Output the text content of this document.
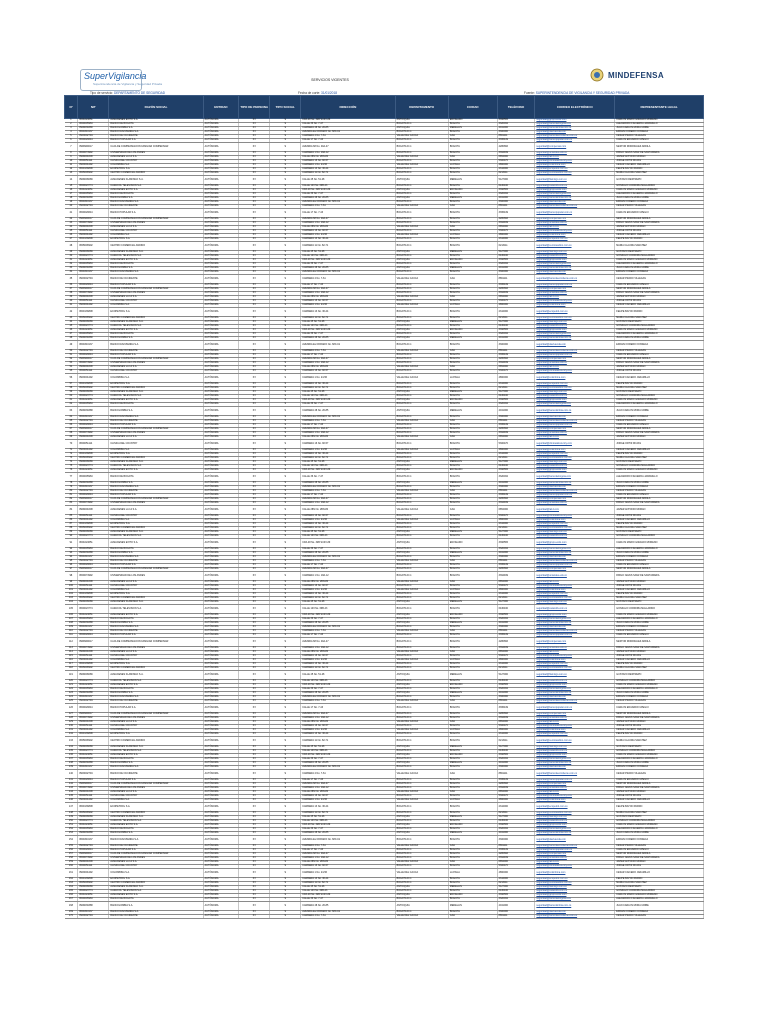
SuperVigilancia
Superintendencia de Vigilancia y Seguridad Privada
SERVICIOS VIGENTES	MINDEFENSA
Tipo de servicio: DEPARTAMENTO DE SEGURIDAD	Fecha de corte: 31/01/2018	Fuente: SUPERINTENDENCIA DE VIGILANCIA Y SEGURIDAD PRIVADA
N°	NIT	RAZÓN SOCIAL	ENTIDAD	TIPO DE PERSONA	TIPO SOCIAL	DIRECCIÓN	DEPARTAMENTO	CIUDAD	TELÉFONO	CORREO ELECTRÓNICO	REPRESENTANTE LEGAL
1	8001024651	ALMACENES EXITO S.A.	AUTÓNOMA	PJ	S	CRA 48 No. 32B SUR 139	ANTIOQUIA	ENVIGADO	3396565	seguridad@grupo-exito.com	CARLOS MARIO GIRALDO MORENO
2	8600005963	BANCO DE BOGOTA	AUTÓNOMA	PJ	S	CALLE 36 No. 7-47	BOGOTA D.C.	BOGOTA	3320032	seguridad@bancodebogota.com	ALEJANDRO FIGUEROA JARAMILLO
3	8909039388	BANCOLOMBIA S.A.	AUTÓNOMA	PJ	S	CARRERA 48 No. 26-85	ANTIOQUIA	MEDELLIN	4041000	seguridad@bancolombia.com.co	JUAN CARLOS MORA URIBE
4	8600343137	BANCO DAVIVIENDA S.A.	AUTÓNOMA	PJ	S	AVENIDA EL DORADO No. 68C-61	BOGOTA D.C.	BOGOTA	3300000	seguridad@davivienda.com	EFRAIN FORERO FONSECA
5	8903002794	BANCO DE OCCIDENTE	AUTÓNOMA	PJ	S	CARRERA 4 No. 7-61	VALLE DEL CAUCA	CALI	8861111	seguridad@bancodeoccidente.com.co	CESAR PRADO VILLEGAS
6	8600029644	BANCO POPULAR S.A.	AUTÓNOMA	PJ	S	CALLE 17 No. 7-43	BOGOTA D.C.	BOGOTA	3395449	seguridad@bancopopular.com.co	CARLOS EDUARDO UPEGUI
7	8999990017	CAJA DE COMPENSACION FAMILIAR COMPENSAR	AUTÓNOMA	PJ	S	AVENIDA 68 No. 49A-47	BOGOTA D.C.	BOGOTA	4280666	seguridad@compensar.com	NESTOR RODRIGUEZ ARDILA
8	8600074992	UNIVERSIDAD DE LOS ANDES	AUTÓNOMA	PJ	S	CARRERA 1 No. 18A-12	BOGOTA D.C.	BOGOTA	3394949	seguridad@uniandes.edu.co	PABLO NAVAS SANZ DE SANTAMARIA
9	8909001608	ALMACENES LA 14 S.A.	AUTÓNOMA	PJ	S	CALLE 28N No. 2BN-80	VALLE DEL CAUCA	CALI	6854000	seguridad@la14.com	JAVIER ANTONIO MORAN
10	8600051114	CLINICA DEL COUNTRY	AUTÓNOMA	PJ	S	CARRERA 16 No. 82-57	BOGOTA D.C.	BOGOTA	5300470	seguridad@clinicadelcountry.com	JORGE ORTIZ ROJAS
11	8903001292	COLOMBINA S.A.	AUTÓNOMA	PJ	S	CARRERA 1 No. 24-56	VALLE DEL CAUCA	LA PAILA	4860000	seguridad@colombina.com	CESAR CAICEDO JARAMILLO
12	8600136808	ECOPETROL S.A.	AUTÓNOMA	PJ	S	CARRERA 13 No. 36-24	BOGOTA D.C.	BOGOTA	2344000	seguridad@ecopetrol.com.co	FELIPE BAYON PARDO
13	8605006902	CENTRO COMERCIAL ANDINO	AUTÓNOMA	PJ	S	CARRERA 11 No. 82-71	BOGOTA D.C.	BOGOTA	6213111	seguridad@centroandino.com.co	MARIA CLAUDIA SANCHEZ
14	8909006089	ALMACENES FLAMINGO S.A.	AUTÓNOMA	PJ	S	CALLE 45 No. 51-28	ANTIOQUIA	MEDELLIN	5127000	seguridad@flamingo.com.co	GUSTAVO RESTREPO
15	8600023774	CARACOL TELEVISION S.A.	AUTÓNOMA	PJ	S	CALLE 103 No. 69B-43	BOGOTA D.C.	BOGOTA	6430430	seguridad@caracoltv.com.co	GONZALO CORDOBA MALLARINO
16	8001024651	ALMACENES EXITO S.A.	AUTÓNOMA	PJ	S	CRA 48 No. 32B SUR 139	ANTIOQUIA	ENVIGADO	3396565	seguridad@grupo-exito.com	CARLOS MARIO GIRALDO MORENO
17	8600005963	BANCO DE BOGOTA	AUTÓNOMA	PJ	S	CALLE 36 No. 7-47	BOGOTA D.C.	BOGOTA	3320032	seguridad@bancodebogota.com	ALEJANDRO FIGUEROA JARAMILLO
18	8909039388	BANCOLOMBIA S.A.	AUTÓNOMA	PJ	S	CARRERA 48 No. 26-85	ANTIOQUIA	MEDELLIN	4041000	seguridad@bancolombia.com.co	JUAN CARLOS MORA URIBE
19	8600343137	BANCO DAVIVIENDA S.A.	AUTÓNOMA	PJ	S	AVENIDA EL DORADO No. 68C-61	BOGOTA D.C.	BOGOTA	3300000	seguridad@davivienda.com	EFRAIN FORERO FONSECA
20	8903002794	BANCO DE OCCIDENTE	AUTÓNOMA	PJ	S	CARRERA 4 No. 7-61	VALLE DEL CAUCA	CALI	8861111	seguridad@bancodeoccidente.com.co	CESAR PRADO VILLEGAS
21	8600029644	BANCO POPULAR S.A.	AUTÓNOMA	PJ	S	CALLE 17 No. 7-43	BOGOTA D.C.	BOGOTA	3395449	seguridad@bancopopular.com.co	CARLOS EDUARDO UPEGUI
22	8999990017	CAJA DE COMPENSACION FAMILIAR COMPENSAR	AUTÓNOMA	PJ	S	AVENIDA 68 No. 49A-47	BOGOTA D.C.	BOGOTA	4280666	seguridad@compensar.com	NESTOR RODRIGUEZ ARDILA
23	8600074992	UNIVERSIDAD DE LOS ANDES	AUTÓNOMA	PJ	S	CARRERA 1 No. 18A-12	BOGOTA D.C.	BOGOTA	3394949	seguridad@uniandes.edu.co	PABLO NAVAS SANZ DE SANTAMARIA
24	8909001608	ALMACENES LA 14 S.A.	AUTÓNOMA	PJ	S	CALLE 28N No. 2BN-80	VALLE DEL CAUCA	CALI	6854000	seguridad@la14.com	JAVIER ANTONIO MORAN
25	8600051114	CLINICA DEL COUNTRY	AUTÓNOMA	PJ	S	CARRERA 16 No. 82-57	BOGOTA D.C.	BOGOTA	5300470	seguridad@clinicadelcountry.com	JORGE ORTIZ ROJAS
26	8903001292	COLOMBINA S.A.	AUTÓNOMA	PJ	S	CARRERA 1 No. 24-56	VALLE DEL CAUCA	LA PAILA	4860000	seguridad@colombina.com	CESAR CAICEDO JARAMILLO
27	8600136808	ECOPETROL S.A.	AUTÓNOMA	PJ	S	CARRERA 13 No. 36-24	BOGOTA D.C.	BOGOTA	2344000	seguridad@ecopetrol.com.co	FELIPE BAYON PARDO
28	8605006902	CENTRO COMERCIAL ANDINO	AUTÓNOMA	PJ	S	CARRERA 11 No. 82-71	BOGOTA D.C.	BOGOTA	6213111	seguridad@centroandino.com.co	MARIA CLAUDIA SANCHEZ
29	8909006089	ALMACENES FLAMINGO S.A.	AUTÓNOMA	PJ	S	CALLE 45 No. 51-28	ANTIOQUIA	MEDELLIN	5127000	seguridad@flamingo.com.co	GUSTAVO RESTREPO
30	8600023774	CARACOL TELEVISION S.A.	AUTÓNOMA	PJ	S	CALLE 103 No. 69B-43	BOGOTA D.C.	BOGOTA	6430430	seguridad@caracoltv.com.co	GONZALO CORDOBA MALLARINO
31	8001024651	ALMACENES EXITO S.A.	AUTÓNOMA	PJ	S	CRA 48 No. 32B SUR 139	ANTIOQUIA	ENVIGADO	3396565	seguridad@grupo-exito.com	CARLOS MARIO GIRALDO MORENO
32	8600005963	BANCO DE BOGOTA	AUTÓNOMA	PJ	S	CALLE 36 No. 7-47	BOGOTA D.C.	BOGOTA	3320032	seguridad@bancodebogota.com	ALEJANDRO FIGUEROA JARAMILLO
33	8909039388	BANCOLOMBIA S.A.	AUTÓNOMA	PJ	S	CARRERA 48 No. 26-85	ANTIOQUIA	MEDELLIN	4041000	seguridad@bancolombia.com.co	JUAN CARLOS MORA URIBE
34	8600343137	BANCO DAVIVIENDA S.A.	AUTÓNOMA	PJ	S	AVENIDA EL DORADO No. 68C-61	BOGOTA D.C.	BOGOTA	3300000	seguridad@davivienda.com	EFRAIN FORERO FONSECA
35	8903002794	BANCO DE OCCIDENTE	AUTÓNOMA	PJ	S	CARRERA 4 No. 7-61	VALLE DEL CAUCA	CALI	8861111	seguridad@bancodeoccidente.com.co	CESAR PRADO VILLEGAS
36	8600029644	BANCO POPULAR S.A.	AUTÓNOMA	PJ	S	CALLE 17 No. 7-43	BOGOTA D.C.	BOGOTA	3395449	seguridad@bancopopular.com.co	CARLOS EDUARDO UPEGUI
37	8999990017	CAJA DE COMPENSACION FAMILIAR COMPENSAR	AUTÓNOMA	PJ	S	AVENIDA 68 No. 49A-47	BOGOTA D.C.	BOGOTA	4280666	seguridad@compensar.com	NESTOR RODRIGUEZ ARDILA
38	8600074992	UNIVERSIDAD DE LOS ANDES	AUTÓNOMA	PJ	S	CARRERA 1 No. 18A-12	BOGOTA D.C.	BOGOTA	3394949	seguridad@uniandes.edu.co	PABLO NAVAS SANZ DE SANTAMARIA
39	8909001608	ALMACENES LA 14 S.A.	AUTÓNOMA	PJ	S	CALLE 28N No. 2BN-80	VALLE DEL CAUCA	CALI	6854000	seguridad@la14.com	JAVIER ANTONIO MORAN
40	8600051114	CLINICA DEL COUNTRY	AUTÓNOMA	PJ	S	CARRERA 16 No. 82-57	BOGOTA D.C.	BOGOTA	5300470	seguridad@clinicadelcountry.com	JORGE ORTIZ ROJAS
41	8903001292	COLOMBINA S.A.	AUTÓNOMA	PJ	S	CARRERA 1 No. 24-56	VALLE DEL CAUCA	LA PAILA	4860000	seguridad@colombina.com	CESAR CAICEDO JARAMILLO
42	8600136808	ECOPETROL S.A.	AUTÓNOMA	PJ	S	CARRERA 13 No. 36-24	BOGOTA D.C.	BOGOTA	2344000	seguridad@ecopetrol.com.co	FELIPE BAYON PARDO
43	8605006902	CENTRO COMERCIAL ANDINO	AUTÓNOMA	PJ	S	CARRERA 11 No. 82-71	BOGOTA D.C.	BOGOTA	6213111	seguridad@centroandino.com.co	MARIA CLAUDIA SANCHEZ
44	8909006089	ALMACENES FLAMINGO S.A.	AUTÓNOMA	PJ	S	CALLE 45 No. 51-28	ANTIOQUIA	MEDELLIN	5127000	seguridad@flamingo.com.co	GUSTAVO RESTREPO
45	8600023774	CARACOL TELEVISION S.A.	AUTÓNOMA	PJ	S	CALLE 103 No. 69B-43	BOGOTA D.C.	BOGOTA	6430430	seguridad@caracoltv.com.co	GONZALO CORDOBA MALLARINO
46	8001024651	ALMACENES EXITO S.A.	AUTÓNOMA	PJ	S	CRA 48 No. 32B SUR 139	ANTIOQUIA	ENVIGADO	3396565	seguridad@grupo-exito.com	CARLOS MARIO GIRALDO MORENO
47	8600005963	BANCO DE BOGOTA	AUTÓNOMA	PJ	S	CALLE 36 No. 7-47	BOGOTA D.C.	BOGOTA	3320032	seguridad@bancodebogota.com	ALEJANDRO FIGUEROA JARAMILLO
48	8909039388	BANCOLOMBIA S.A.	AUTÓNOMA	PJ	S	CARRERA 48 No. 26-85	ANTIOQUIA	MEDELLIN	4041000	seguridad@bancolombia.com.co	JUAN CARLOS MORA URIBE
49	8600343137	BANCO DAVIVIENDA S.A.	AUTÓNOMA	PJ	S	AVENIDA EL DORADO No. 68C-61	BOGOTA D.C.	BOGOTA	3300000	seguridad@davivienda.com	EFRAIN FORERO FONSECA
50	8903002794	BANCO DE OCCIDENTE	AUTÓNOMA	PJ	S	CARRERA 4 No. 7-61	VALLE DEL CAUCA	CALI	8861111	seguridad@bancodeoccidente.com.co	CESAR PRADO VILLEGAS
51	8600029644	BANCO POPULAR S.A.	AUTÓNOMA	PJ	S	CALLE 17 No. 7-43	BOGOTA D.C.	BOGOTA	3395449	seguridad@bancopopular.com.co	CARLOS EDUARDO UPEGUI
52	8999990017	CAJA DE COMPENSACION FAMILIAR COMPENSAR	AUTÓNOMA	PJ	S	AVENIDA 68 No. 49A-47	BOGOTA D.C.	BOGOTA	4280666	seguridad@compensar.com	NESTOR RODRIGUEZ ARDILA
53	8600074992	UNIVERSIDAD DE LOS ANDES	AUTÓNOMA	PJ	S	CARRERA 1 No. 18A-12	BOGOTA D.C.	BOGOTA	3394949	seguridad@uniandes.edu.co	PABLO NAVAS SANZ DE SANTAMARIA
54	8909001608	ALMACENES LA 14 S.A.	AUTÓNOMA	PJ	S	CALLE 28N No. 2BN-80	VALLE DEL CAUCA	CALI	6854000	seguridad@la14.com	JAVIER ANTONIO MORAN
55	8600051114	CLINICA DEL COUNTRY	AUTÓNOMA	PJ	S	CARRERA 16 No. 82-57	BOGOTA D.C.	BOGOTA	5300470	seguridad@clinicadelcountry.com	JORGE ORTIZ ROJAS
56	8903001292	COLOMBINA S.A.	AUTÓNOMA	PJ	S	CARRERA 1 No. 24-56	VALLE DEL CAUCA	LA PAILA	4860000	seguridad@colombina.com	CESAR CAICEDO JARAMILLO
57	8600136808	ECOPETROL S.A.	AUTÓNOMA	PJ	S	CARRERA 13 No. 36-24	BOGOTA D.C.	BOGOTA	2344000	seguridad@ecopetrol.com.co	FELIPE BAYON PARDO
58	8605006902	CENTRO COMERCIAL ANDINO	AUTÓNOMA	PJ	S	CARRERA 11 No. 82-71	BOGOTA D.C.	BOGOTA	6213111	seguridad@centroandino.com.co	MARIA CLAUDIA SANCHEZ
59	8909006089	ALMACENES FLAMINGO S.A.	AUTÓNOMA	PJ	S	CALLE 45 No. 51-28	ANTIOQUIA	MEDELLIN	5127000	seguridad@flamingo.com.co	GUSTAVO RESTREPO
60	8600023774	CARACOL TELEVISION S.A.	AUTÓNOMA	PJ	S	CALLE 103 No. 69B-43	BOGOTA D.C.	BOGOTA	6430430	seguridad@caracoltv.com.co	GONZALO CORDOBA MALLARINO
61	8001024651	ALMACENES EXITO S.A.	AUTÓNOMA	PJ	S	CRA 48 No. 32B SUR 139	ANTIOQUIA	ENVIGADO	3396565	seguridad@grupo-exito.com	CARLOS MARIO GIRALDO MORENO
62	8600005963	BANCO DE BOGOTA	AUTÓNOMA	PJ	S	CALLE 36 No. 7-47	BOGOTA D.C.	BOGOTA	3320032	seguridad@bancodebogota.com	ALEJANDRO FIGUEROA JARAMILLO
63	8909039388	BANCOLOMBIA S.A.	AUTÓNOMA	PJ	S	CARRERA 48 No. 26-85	ANTIOQUIA	MEDELLIN	4041000	seguridad@bancolombia.com.co	JUAN CARLOS MORA URIBE
64	8600343137	BANCO DAVIVIENDA S.A.	AUTÓNOMA	PJ	S	AVENIDA EL DORADO No. 68C-61	BOGOTA D.C.	BOGOTA	3300000	seguridad@davivienda.com	EFRAIN FORERO FONSECA
65	8903002794	BANCO DE OCCIDENTE	AUTÓNOMA	PJ	S	CARRERA 4 No. 7-61	VALLE DEL CAUCA	CALI	8861111	seguridad@bancodeoccidente.com.co	CESAR PRADO VILLEGAS
66	8600029644	BANCO POPULAR S.A.	AUTÓNOMA	PJ	S	CALLE 17 No. 7-43	BOGOTA D.C.	BOGOTA	3395449	seguridad@bancopopular.com.co	CARLOS EDUARDO UPEGUI
67	8999990017	CAJA DE COMPENSACION FAMILIAR COMPENSAR	AUTÓNOMA	PJ	S	AVENIDA 68 No. 49A-47	BOGOTA D.C.	BOGOTA	4280666	seguridad@compensar.com	NESTOR RODRIGUEZ ARDILA
68	8600074992	UNIVERSIDAD DE LOS ANDES	AUTÓNOMA	PJ	S	CARRERA 1 No. 18A-12	BOGOTA D.C.	BOGOTA	3394949	seguridad@uniandes.edu.co	PABLO NAVAS SANZ DE SANTAMARIA
69	8909001608	ALMACENES LA 14 S.A.	AUTÓNOMA	PJ	S	CALLE 28N No. 2BN-80	VALLE DEL CAUCA	CALI	6854000	seguridad@la14.com	JAVIER ANTONIO MORAN
70	8600051114	CLINICA DEL COUNTRY	AUTÓNOMA	PJ	S	CARRERA 16 No. 82-57	BOGOTA D.C.	BOGOTA	5300470	seguridad@clinicadelcountry.com	JORGE ORTIZ ROJAS
71	8903001292	COLOMBINA S.A.	AUTÓNOMA	PJ	S	CARRERA 1 No. 24-56	VALLE DEL CAUCA	LA PAILA	4860000	seguridad@colombina.com	CESAR CAICEDO JARAMILLO
72	8600136808	ECOPETROL S.A.	AUTÓNOMA	PJ	S	CARRERA 13 No. 36-24	BOGOTA D.C.	BOGOTA	2344000	seguridad@ecopetrol.com.co	FELIPE BAYON PARDO
73	8605006902	CENTRO COMERCIAL ANDINO	AUTÓNOMA	PJ	S	CARRERA 11 No. 82-71	BOGOTA D.C.	BOGOTA	6213111	seguridad@centroandino.com.co	MARIA CLAUDIA SANCHEZ
74	8909006089	ALMACENES FLAMINGO S.A.	AUTÓNOMA	PJ	S	CALLE 45 No. 51-28	ANTIOQUIA	MEDELLIN	5127000	seguridad@flamingo.com.co	GUSTAVO RESTREPO
75	8600023774	CARACOL TELEVISION S.A.	AUTÓNOMA	PJ	S	CALLE 103 No. 69B-43	BOGOTA D.C.	BOGOTA	6430430	seguridad@caracoltv.com.co	GONZALO CORDOBA MALLARINO
76	8001024651	ALMACENES EXITO S.A.	AUTÓNOMA	PJ	S	CRA 48 No. 32B SUR 139	ANTIOQUIA	ENVIGADO	3396565	seguridad@grupo-exito.com	CARLOS MARIO GIRALDO MORENO
77	8600005963	BANCO DE BOGOTA	AUTÓNOMA	PJ	S	CALLE 36 No. 7-47	BOGOTA D.C.	BOGOTA	3320032	seguridad@bancodebogota.com	ALEJANDRO FIGUEROA JARAMILLO
78	8909039388	BANCOLOMBIA S.A.	AUTÓNOMA	PJ	S	CARRERA 48 No. 26-85	ANTIOQUIA	MEDELLIN	4041000	seguridad@bancolombia.com.co	JUAN CARLOS MORA URIBE
79	8600343137	BANCO DAVIVIENDA S.A.	AUTÓNOMA	PJ	S	AVENIDA EL DORADO No. 68C-61	BOGOTA D.C.	BOGOTA	3300000	seguridad@davivienda.com	EFRAIN FORERO FONSECA
80	8903002794	BANCO DE OCCIDENTE	AUTÓNOMA	PJ	S	CARRERA 4 No. 7-61	VALLE DEL CAUCA	CALI	8861111	seguridad@bancodeoccidente.com.co	CESAR PRADO VILLEGAS
81	8600029644	BANCO POPULAR S.A.	AUTÓNOMA	PJ	S	CALLE 17 No. 7-43	BOGOTA D.C.	BOGOTA	3395449	seguridad@bancopopular.com.co	CARLOS EDUARDO UPEGUI
82	8999990017	CAJA DE COMPENSACION FAMILIAR COMPENSAR	AUTÓNOMA	PJ	S	AVENIDA 68 No. 49A-47	BOGOTA D.C.	BOGOTA	4280666	seguridad@compensar.com	NESTOR RODRIGUEZ ARDILA
83	8600074992	UNIVERSIDAD DE LOS ANDES	AUTÓNOMA	PJ	S	CARRERA 1 No. 18A-12	BOGOTA D.C.	BOGOTA	3394949	seguridad@uniandes.edu.co	PABLO NAVAS SANZ DE SANTAMARIA
84	8909001608	ALMACENES LA 14 S.A.	AUTÓNOMA	PJ	S	CALLE 28N No. 2BN-80	VALLE DEL CAUCA	CALI	6854000	seguridad@la14.com	JAVIER ANTONIO MORAN
85	8600051114	CLINICA DEL COUNTRY	AUTÓNOMA	PJ	S	CARRERA 16 No. 82-57	BOGOTA D.C.	BOGOTA	5300470	seguridad@clinicadelcountry.com	JORGE ORTIZ ROJAS
86	8903001292	COLOMBINA S.A.	AUTÓNOMA	PJ	S	CARRERA 1 No. 24-56	VALLE DEL CAUCA	LA PAILA	4860000	seguridad@colombina.com	CESAR CAICEDO JARAMILLO
87	8600136808	ECOPETROL S.A.	AUTÓNOMA	PJ	S	CARRERA 13 No. 36-24	BOGOTA D.C.	BOGOTA	2344000	seguridad@ecopetrol.com.co	FELIPE BAYON PARDO
88	8605006902	CENTRO COMERCIAL ANDINO	AUTÓNOMA	PJ	S	CARRERA 11 No. 82-71	BOGOTA D.C.	BOGOTA	6213111	seguridad@centroandino.com.co	MARIA CLAUDIA SANCHEZ
89	8909006089	ALMACENES FLAMINGO S.A.	AUTÓNOMA	PJ	S	CALLE 45 No. 51-28	ANTIOQUIA	MEDELLIN	5127000	seguridad@flamingo.com.co	GUSTAVO RESTREPO
90	8600023774	CARACOL TELEVISION S.A.	AUTÓNOMA	PJ	S	CALLE 103 No. 69B-43	BOGOTA D.C.	BOGOTA	6430430	seguridad@caracoltv.com.co	GONZALO CORDOBA MALLARINO
91	8001024651	ALMACENES EXITO S.A.	AUTÓNOMA	PJ	S	CRA 48 No. 32B SUR 139	ANTIOQUIA	ENVIGADO	3396565	seguridad@grupo-exito.com	CARLOS MARIO GIRALDO MORENO
92	8600005963	BANCO DE BOGOTA	AUTÓNOMA	PJ	S	CALLE 36 No. 7-47	BOGOTA D.C.	BOGOTA	3320032	seguridad@bancodebogota.com	ALEJANDRO FIGUEROA JARAMILLO
93	8909039388	BANCOLOMBIA S.A.	AUTÓNOMA	PJ	S	CARRERA 48 No. 26-85	ANTIOQUIA	MEDELLIN	4041000	seguridad@bancolombia.com.co	JUAN CARLOS MORA URIBE
94	8600343137	BANCO DAVIVIENDA S.A.	AUTÓNOMA	PJ	S	AVENIDA EL DORADO No. 68C-61	BOGOTA D.C.	BOGOTA	3300000	seguridad@davivienda.com	EFRAIN FORERO FONSECA
95	8903002794	BANCO DE OCCIDENTE	AUTÓNOMA	PJ	S	CARRERA 4 No. 7-61	VALLE DEL CAUCA	CALI	8861111	seguridad@bancodeoccidente.com.co	CESAR PRADO VILLEGAS
96	8600029644	BANCO POPULAR S.A.	AUTÓNOMA	PJ	S	CALLE 17 No. 7-43	BOGOTA D.C.	BOGOTA	3395449	seguridad@bancopopular.com.co	CARLOS EDUARDO UPEGUI
97	8999990017	CAJA DE COMPENSACION FAMILIAR COMPENSAR	AUTÓNOMA	PJ	S	AVENIDA 68 No. 49A-47	BOGOTA D.C.	BOGOTA	4280666	seguridad@compensar.com	NESTOR RODRIGUEZ ARDILA
98	8600074992	UNIVERSIDAD DE LOS ANDES	AUTÓNOMA	PJ	S	CARRERA 1 No. 18A-12	BOGOTA D.C.	BOGOTA	3394949	seguridad@uniandes.edu.co	PABLO NAVAS SANZ DE SANTAMARIA
99	8909001608	ALMACENES LA 14 S.A.	AUTÓNOMA	PJ	S	CALLE 28N No. 2BN-80	VALLE DEL CAUCA	CALI	6854000	seguridad@la14.com	JAVIER ANTONIO MORAN
100	8600051114	CLINICA DEL COUNTRY	AUTÓNOMA	PJ	S	CARRERA 16 No. 82-57	BOGOTA D.C.	BOGOTA	5300470	seguridad@clinicadelcountry.com	JORGE ORTIZ ROJAS
101	8903001292	COLOMBINA S.A.	AUTÓNOMA	PJ	S	CARRERA 1 No. 24-56	VALLE DEL CAUCA	LA PAILA	4860000	seguridad@colombina.com	CESAR CAICEDO JARAMILLO
102	8600136808	ECOPETROL S.A.	AUTÓNOMA	PJ	S	CARRERA 13 No. 36-24	BOGOTA D.C.	BOGOTA	2344000	seguridad@ecopetrol.com.co	FELIPE BAYON PARDO
103	8605006902	CENTRO COMERCIAL ANDINO	AUTÓNOMA	PJ	S	CARRERA 11 No. 82-71	BOGOTA D.C.	BOGOTA	6213111	seguridad@centroandino.com.co	MARIA CLAUDIA SANCHEZ
104	8909006089	ALMACENES FLAMINGO S.A.	AUTÓNOMA	PJ	S	CALLE 45 No. 51-28	ANTIOQUIA	MEDELLIN	5127000	seguridad@flamingo.com.co	GUSTAVO RESTREPO
105	8600023774	CARACOL TELEVISION S.A.	AUTÓNOMA	PJ	S	CALLE 103 No. 69B-43	BOGOTA D.C.	BOGOTA	6430430	seguridad@caracoltv.com.co	GONZALO CORDOBA MALLARINO
106	8001024651	ALMACENES EXITO S.A.	AUTÓNOMA	PJ	S	CRA 48 No. 32B SUR 139	ANTIOQUIA	ENVIGADO	3396565	seguridad@grupo-exito.com	CARLOS MARIO GIRALDO MORENO
107	8600005963	BANCO DE BOGOTA	AUTÓNOMA	PJ	S	CALLE 36 No. 7-47	BOGOTA D.C.	BOGOTA	3320032	seguridad@bancodebogota.com	ALEJANDRO FIGUEROA JARAMILLO
108	8909039388	BANCOLOMBIA S.A.	AUTÓNOMA	PJ	S	CARRERA 48 No. 26-85	ANTIOQUIA	MEDELLIN	4041000	seguridad@bancolombia.com.co	JUAN CARLOS MORA URIBE
109	8600343137	BANCO DAVIVIENDA S.A.	AUTÓNOMA	PJ	S	AVENIDA EL DORADO No. 68C-61	BOGOTA D.C.	BOGOTA	3300000	seguridad@davivienda.com	EFRAIN FORERO FONSECA
110	8903002794	BANCO DE OCCIDENTE	AUTÓNOMA	PJ	S	CARRERA 4 No. 7-61	VALLE DEL CAUCA	CALI	8861111	seguridad@bancodeoccidente.com.co	CESAR PRADO VILLEGAS
111	8600029644	BANCO POPULAR S.A.	AUTÓNOMA	PJ	S	CALLE 17 No. 7-43	BOGOTA D.C.	BOGOTA	3395449	seguridad@bancopopular.com.co	CARLOS EDUARDO UPEGUI
112	8999990017	CAJA DE COMPENSACION FAMILIAR COMPENSAR	AUTÓNOMA	PJ	S	AVENIDA 68 No. 49A-47	BOGOTA D.C.	BOGOTA	4280666	seguridad@compensar.com	NESTOR RODRIGUEZ ARDILA
113	8600074992	UNIVERSIDAD DE LOS ANDES	AUTÓNOMA	PJ	S	CARRERA 1 No. 18A-12	BOGOTA D.C.	BOGOTA	3394949	seguridad@uniandes.edu.co	PABLO NAVAS SANZ DE SANTAMARIA
114	8909001608	ALMACENES LA 14 S.A.	AUTÓNOMA	PJ	S	CALLE 28N No. 2BN-80	VALLE DEL CAUCA	CALI	6854000	seguridad@la14.com	JAVIER ANTONIO MORAN
115	8600051114	CLINICA DEL COUNTRY	AUTÓNOMA	PJ	S	CARRERA 16 No. 82-57	BOGOTA D.C.	BOGOTA	5300470	seguridad@clinicadelcountry.com	JORGE ORTIZ ROJAS
116	8903001292	COLOMBINA S.A.	AUTÓNOMA	PJ	S	CARRERA 1 No. 24-56	VALLE DEL CAUCA	LA PAILA	4860000	seguridad@colombina.com	CESAR CAICEDO JARAMILLO
117	8600136808	ECOPETROL S.A.	AUTÓNOMA	PJ	S	CARRERA 13 No. 36-24	BOGOTA D.C.	BOGOTA	2344000	seguridad@ecopetrol.com.co	FELIPE BAYON PARDO
118	8605006902	CENTRO COMERCIAL ANDINO	AUTÓNOMA	PJ	S	CARRERA 11 No. 82-71	BOGOTA D.C.	BOGOTA	6213111	seguridad@centroandino.com.co	MARIA CLAUDIA SANCHEZ
119	8909006089	ALMACENES FLAMINGO S.A.	AUTÓNOMA	PJ	S	CALLE 45 No. 51-28	ANTIOQUIA	MEDELLIN	5127000	seguridad@flamingo.com.co	GUSTAVO RESTREPO
120	8600023774	CARACOL TELEVISION S.A.	AUTÓNOMA	PJ	S	CALLE 103 No. 69B-43	BOGOTA D.C.	BOGOTA	6430430	seguridad@caracoltv.com.co	GONZALO CORDOBA MALLARINO
121	8001024651	ALMACENES EXITO S.A.	AUTÓNOMA	PJ	S	CRA 48 No. 32B SUR 139	ANTIOQUIA	ENVIGADO	3396565	seguridad@grupo-exito.com	CARLOS MARIO GIRALDO MORENO
122	8600005963	BANCO DE BOGOTA	AUTÓNOMA	PJ	S	CALLE 36 No. 7-47	BOGOTA D.C.	BOGOTA	3320032	seguridad@bancodebogota.com	ALEJANDRO FIGUEROA JARAMILLO
123	8909039388	BANCOLOMBIA S.A.	AUTÓNOMA	PJ	S	CARRERA 48 No. 26-85	ANTIOQUIA	MEDELLIN	4041000	seguridad@bancolombia.com.co	JUAN CARLOS MORA URIBE
124	8600343137	BANCO DAVIVIENDA S.A.	AUTÓNOMA	PJ	S	AVENIDA EL DORADO No. 68C-61	BOGOTA D.C.	BOGOTA	3300000	seguridad@davivienda.com	EFRAIN FORERO FONSECA
125	8903002794	BANCO DE OCCIDENTE	AUTÓNOMA	PJ	S	CARRERA 4 No. 7-61	VALLE DEL CAUCA	CALI	8861111	seguridad@bancodeoccidente.com.co	CESAR PRADO VILLEGAS
126	8600029644	BANCO POPULAR S.A.	AUTÓNOMA	PJ	S	CALLE 17 No. 7-43	BOGOTA D.C.	BOGOTA	3395449	seguridad@bancopopular.com.co	CARLOS EDUARDO UPEGUI
127	8999990017	CAJA DE COMPENSACION FAMILIAR COMPENSAR	AUTÓNOMA	PJ	S	AVENIDA 68 No. 49A-47	BOGOTA D.C.	BOGOTA	4280666	seguridad@compensar.com	NESTOR RODRIGUEZ ARDILA
128	8600074992	UNIVERSIDAD DE LOS ANDES	AUTÓNOMA	PJ	S	CARRERA 1 No. 18A-12	BOGOTA D.C.	BOGOTA	3394949	seguridad@uniandes.edu.co	PABLO NAVAS SANZ DE SANTAMARIA
129	8909001608	ALMACENES LA 14 S.A.	AUTÓNOMA	PJ	S	CALLE 28N No. 2BN-80	VALLE DEL CAUCA	CALI	6854000	seguridad@la14.com	JAVIER ANTONIO MORAN
130	8600051114	CLINICA DEL COUNTRY	AUTÓNOMA	PJ	S	CARRERA 16 No. 82-57	BOGOTA D.C.	BOGOTA	5300470	seguridad@clinicadelcountry.com	JORGE ORTIZ ROJAS
131	8903001292	COLOMBINA S.A.	AUTÓNOMA	PJ	S	CARRERA 1 No. 24-56	VALLE DEL CAUCA	LA PAILA	4860000	seguridad@colombina.com	CESAR CAICEDO JARAMILLO
132	8600136808	ECOPETROL S.A.	AUTÓNOMA	PJ	S	CARRERA 13 No. 36-24	BOGOTA D.C.	BOGOTA	2344000	seguridad@ecopetrol.com.co	FELIPE BAYON PARDO
133	8605006902	CENTRO COMERCIAL ANDINO	AUTÓNOMA	PJ	S	CARRERA 11 No. 82-71	BOGOTA D.C.	BOGOTA	6213111	seguridad@centroandino.com.co	MARIA CLAUDIA SANCHEZ
134	8909006089	ALMACENES FLAMINGO S.A.	AUTÓNOMA	PJ	S	CALLE 45 No. 51-28	ANTIOQUIA	MEDELLIN	5127000	seguridad@flamingo.com.co	GUSTAVO RESTREPO
135	8600023774	CARACOL TELEVISION S.A.	AUTÓNOMA	PJ	S	CALLE 103 No. 69B-43	BOGOTA D.C.	BOGOTA	6430430	seguridad@caracoltv.com.co	GONZALO CORDOBA MALLARINO
136	8001024651	ALMACENES EXITO S.A.	AUTÓNOMA	PJ	S	CRA 48 No. 32B SUR 139	ANTIOQUIA	ENVIGADO	3396565	seguridad@grupo-exito.com	CARLOS MARIO GIRALDO MORENO
137	8600005963	BANCO DE BOGOTA	AUTÓNOMA	PJ	S	CALLE 36 No. 7-47	BOGOTA D.C.	BOGOTA	3320032	seguridad@bancodebogota.com	ALEJANDRO FIGUEROA JARAMILLO
138	8909039388	BANCOLOMBIA S.A.	AUTÓNOMA	PJ	S	CARRERA 48 No. 26-85	ANTIOQUIA	MEDELLIN	4041000	seguridad@bancolombia.com.co	JUAN CARLOS MORA URIBE
139	8600343137	BANCO DAVIVIENDA S.A.	AUTÓNOMA	PJ	S	AVENIDA EL DORADO No. 68C-61	BOGOTA D.C.	BOGOTA	3300000	seguridad@davivienda.com	EFRAIN FORERO FONSECA
140	8903002794	BANCO DE OCCIDENTE	AUTÓNOMA	PJ	S	CARRERA 4 No. 7-61	VALLE DEL CAUCA	CALI	8861111	seguridad@bancodeoccidente.com.co	CESAR PRADO VILLEGAS
141	8600029644	BANCO POPULAR S.A.	AUTÓNOMA	PJ	S	CALLE 17 No. 7-43	BOGOTA D.C.	BOGOTA	3395449	seguridad@bancopopular.com.co	CARLOS EDUARDO UPEGUI
142	8999990017	CAJA DE COMPENSACION FAMILIAR COMPENSAR	AUTÓNOMA	PJ	S	AVENIDA 68 No. 49A-47	BOGOTA D.C.	BOGOTA	4280666	seguridad@compensar.com	NESTOR RODRIGUEZ ARDILA
143	8600074992	UNIVERSIDAD DE LOS ANDES	AUTÓNOMA	PJ	S	CARRERA 1 No. 18A-12	BOGOTA D.C.	BOGOTA	3394949	seguridad@uniandes.edu.co	PABLO NAVAS SANZ DE SANTAMARIA
144	8909001608	ALMACENES LA 14 S.A.	AUTÓNOMA	PJ	S	CALLE 28N No. 2BN-80	VALLE DEL CAUCA	CALI	6854000	seguridad@la14.com	JAVIER ANTONIO MORAN
145	8600051114	CLINICA DEL COUNTRY	AUTÓNOMA	PJ	S	CARRERA 16 No. 82-57	BOGOTA D.C.	BOGOTA	5300470	seguridad@clinicadelcountry.com	JORGE ORTIZ ROJAS
146	8903001292	COLOMBINA S.A.	AUTÓNOMA	PJ	S	CARRERA 1 No. 24-56	VALLE DEL CAUCA	LA PAILA	4860000	seguridad@colombina.com	CESAR CAICEDO JARAMILLO
147	8600136808	ECOPETROL S.A.	AUTÓNOMA	PJ	S	CARRERA 13 No. 36-24	BOGOTA D.C.	BOGOTA	2344000	seguridad@ecopetrol.com.co	FELIPE BAYON PARDO
148	8605006902	CENTRO COMERCIAL ANDINO	AUTÓNOMA	PJ	S	CARRERA 11 No. 82-71	BOGOTA D.C.	BOGOTA	6213111	seguridad@centroandino.com.co	MARIA CLAUDIA SANCHEZ
149	8909006089	ALMACENES FLAMINGO S.A.	AUTÓNOMA	PJ	S	CALLE 45 No. 51-28	ANTIOQUIA	MEDELLIN	5127000	seguridad@flamingo.com.co	GUSTAVO RESTREPO
150	8600023774	CARACOL TELEVISION S.A.	AUTÓNOMA	PJ	S	CALLE 103 No. 69B-43	BOGOTA D.C.	BOGOTA	6430430	seguridad@caracoltv.com.co	GONZALO CORDOBA MALLARINO
151	8001024651	ALMACENES EXITO S.A.	AUTÓNOMA	PJ	S	CRA 48 No. 32B SUR 139	ANTIOQUIA	ENVIGADO	3396565	seguridad@grupo-exito.com	CARLOS MARIO GIRALDO MORENO
152	8600005963	BANCO DE BOGOTA	AUTÓNOMA	PJ	S	CALLE 36 No. 7-47	BOGOTA D.C.	BOGOTA	3320032	seguridad@bancodebogota.com	ALEJANDRO FIGUEROA JARAMILLO
153	8909039388	BANCOLOMBIA S.A.	AUTÓNOMA	PJ	S	CARRERA 48 No. 26-85	ANTIOQUIA	MEDELLIN	4041000	seguridad@bancolombia.com.co	JUAN CARLOS MORA URIBE
154	8600343137	BANCO DAVIVIENDA S.A.	AUTÓNOMA	PJ	S	AVENIDA EL DORADO No. 68C-61	BOGOTA D.C.	BOGOTA	3300000	seguridad@davivienda.com	EFRAIN FORERO FONSECA
155	8903002794	BANCO DE OCCIDENTE	AUTÓNOMA	PJ	S	CARRERA 4 No. 7-61	VALLE DEL CAUCA	CALI	8861111	seguridad@bancodeoccidente.com.co	CESAR PRADO VILLEGAS
156	8600029644	BANCO POPULAR S.A.	AUTÓNOMA	PJ	S	CALLE 17 No. 7-43	BOGOTA D.C.	BOGOTA	3395449	seguridad@bancopopular.com.co	CARLOS EDUARDO UPEGUI
157	8999990017	CAJA DE COMPENSACION FAMILIAR COMPENSAR	AUTÓNOMA	PJ	S	AVENIDA 68 No. 49A-47	BOGOTA D.C.	BOGOTA	4280666	seguridad@compensar.com	NESTOR RODRIGUEZ ARDILA
158	8600074992	UNIVERSIDAD DE LOS ANDES	AUTÓNOMA	PJ	S	CARRERA 1 No. 18A-12	BOGOTA D.C.	BOGOTA	3394949	seguridad@uniandes.edu.co	PABLO NAVAS SANZ DE SANTAMARIA
159	8909001608	ALMACENES LA 14 S.A.	AUTÓNOMA	PJ	S	CALLE 28N No. 2BN-80	VALLE DEL CAUCA	CALI	6854000	seguridad@la14.com	JAVIER ANTONIO MORAN
160	8600051114	CLINICA DEL COUNTRY	AUTÓNOMA	PJ	S	CARRERA 16 No. 82-57	BOGOTA D.C.	BOGOTA	5300470	seguridad@clinicadelcountry.com	JORGE ORTIZ ROJAS
161	8903001292	COLOMBINA S.A.	AUTÓNOMA	PJ	S	CARRERA 1 No. 24-56	VALLE DEL CAUCA	LA PAILA	4860000	seguridad@colombina.com	CESAR CAICEDO JARAMILLO
162	8600136808	ECOPETROL S.A.	AUTÓNOMA	PJ	S	CARRERA 13 No. 36-24	BOGOTA D.C.	BOGOTA	2344000	seguridad@ecopetrol.com.co	FELIPE BAYON PARDO
163	8605006902	CENTRO COMERCIAL ANDINO	AUTÓNOMA	PJ	S	CARRERA 11 No. 82-71	BOGOTA D.C.	BOGOTA	6213111	seguridad@centroandino.com.co	MARIA CLAUDIA SANCHEZ
164	8909006089	ALMACENES FLAMINGO S.A.	AUTÓNOMA	PJ	S	CALLE 45 No. 51-28	ANTIOQUIA	MEDELLIN	5127000	seguridad@flamingo.com.co	GUSTAVO RESTREPO
165	8600023774	CARACOL TELEVISION S.A.	AUTÓNOMA	PJ	S	CALLE 103 No. 69B-43	BOGOTA D.C.	BOGOTA	6430430	seguridad@caracoltv.com.co	GONZALO CORDOBA MALLARINO
166	8001024651	ALMACENES EXITO S.A.	AUTÓNOMA	PJ	S	CRA 48 No. 32B SUR 139	ANTIOQUIA	ENVIGADO	3396565	seguridad@grupo-exito.com	CARLOS MARIO GIRALDO MORENO
167	8600005963	BANCO DE BOGOTA	AUTÓNOMA	PJ	S	CALLE 36 No. 7-47	BOGOTA D.C.	BOGOTA	3320032	seguridad@bancodebogota.com	ALEJANDRO FIGUEROA JARAMILLO
168	8909039388	BANCOLOMBIA S.A.	AUTÓNOMA	PJ	S	CARRERA 48 No. 26-85	ANTIOQUIA	MEDELLIN	4041000	seguridad@bancolombia.com.co	JUAN CARLOS MORA URIBE
169	8600343137	BANCO DAVIVIENDA S.A.	AUTÓNOMA	PJ	S	AVENIDA EL DORADO No. 68C-61	BOGOTA D.C.	BOGOTA	3300000	seguridad@davivienda.com	EFRAIN FORERO FONSECA
170	8903002794	BANCO DE OCCIDENTE	AUTÓNOMA	PJ	S	CARRERA 4 No. 7-61	VALLE DEL CAUCA	CALI	8861111	seguridad@bancodeoccidente.com.co	CESAR PRADO VILLEGAS
